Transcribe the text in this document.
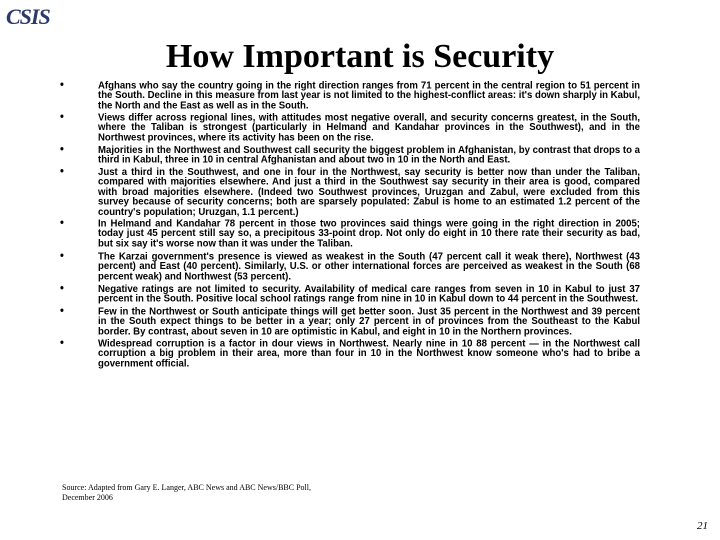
CSIS
How Important is Security
• Afghans who say the country going in the right direction ranges from 71 percent in the central region to 51 percent in the South. Decline in this measure from last year is not limited to the highest-conflict areas: it's down sharply in Kabul, the North and the East as well as in the South.
• Views differ across regional lines, with attitudes most negative overall, and security concerns greatest, in the South, where the Taliban is strongest (particularly in Helmand and Kandahar provinces in the Southwest), and in the Northwest provinces, where its activity has been on the rise.
• Majorities in the Northwest and Southwest call security the biggest problem in Afghanistan, by contrast that drops to a third in Kabul, three in 10 in central Afghanistan and about two in 10 in the North and East.
• Just a third in the Southwest, and one in four in the Northwest, say security is better now than under the Taliban, compared with majorities elsewhere. And just a third in the Southwest say security in their area is good, compared with broad majorities elsewhere. (Indeed two Southwest provinces, Uruzgan and Zabul, were excluded from this survey because of security concerns; both are sparsely populated: Zabul is home to an estimated 1.2 percent of the country's population; Uruzgan, 1.1 percent.)
• In Helmand and Kandahar 78 percent in those two provinces said things were going in the right direction in 2005; today just 45 percent still say so, a precipitous 33-point drop. Not only do eight in 10 there rate their security as bad, but six say it's worse now than it was under the Taliban.
• The Karzai government's presence is viewed as weakest in the South (47 percent call it weak there), Northwest (43 percent) and East (40 percent). Similarly, U.S. or other international forces are perceived as weakest in the South (68 percent weak) and Northwest (53 percent).
• Negative ratings are not limited to security. Availability of medical care ranges from seven in 10 in Kabul to just 37 percent in the South. Positive local school ratings range from nine in 10 in Kabul down to 44 percent in the Southwest.
• Few in the Northwest or South anticipate things will get better soon. Just 35 percent in the Northwest and 39 percent in the South expect things to be better in a year; only 27 percent in of provinces from the Southeast to the Kabul border. By contrast, about seven in 10 are optimistic in Kabul, and eight in 10 in the Northern provinces.
• Widespread corruption is a factor in dour views in Northwest. Nearly nine in 10 88 percent — in the Northwest call corruption a big problem in their area, more than four in 10 in the Northwest know someone who's had to bribe a government official.
Source: Adapted from Gary E. Langer, ABC News and ABC News/BBC Poll, December 2006
21
